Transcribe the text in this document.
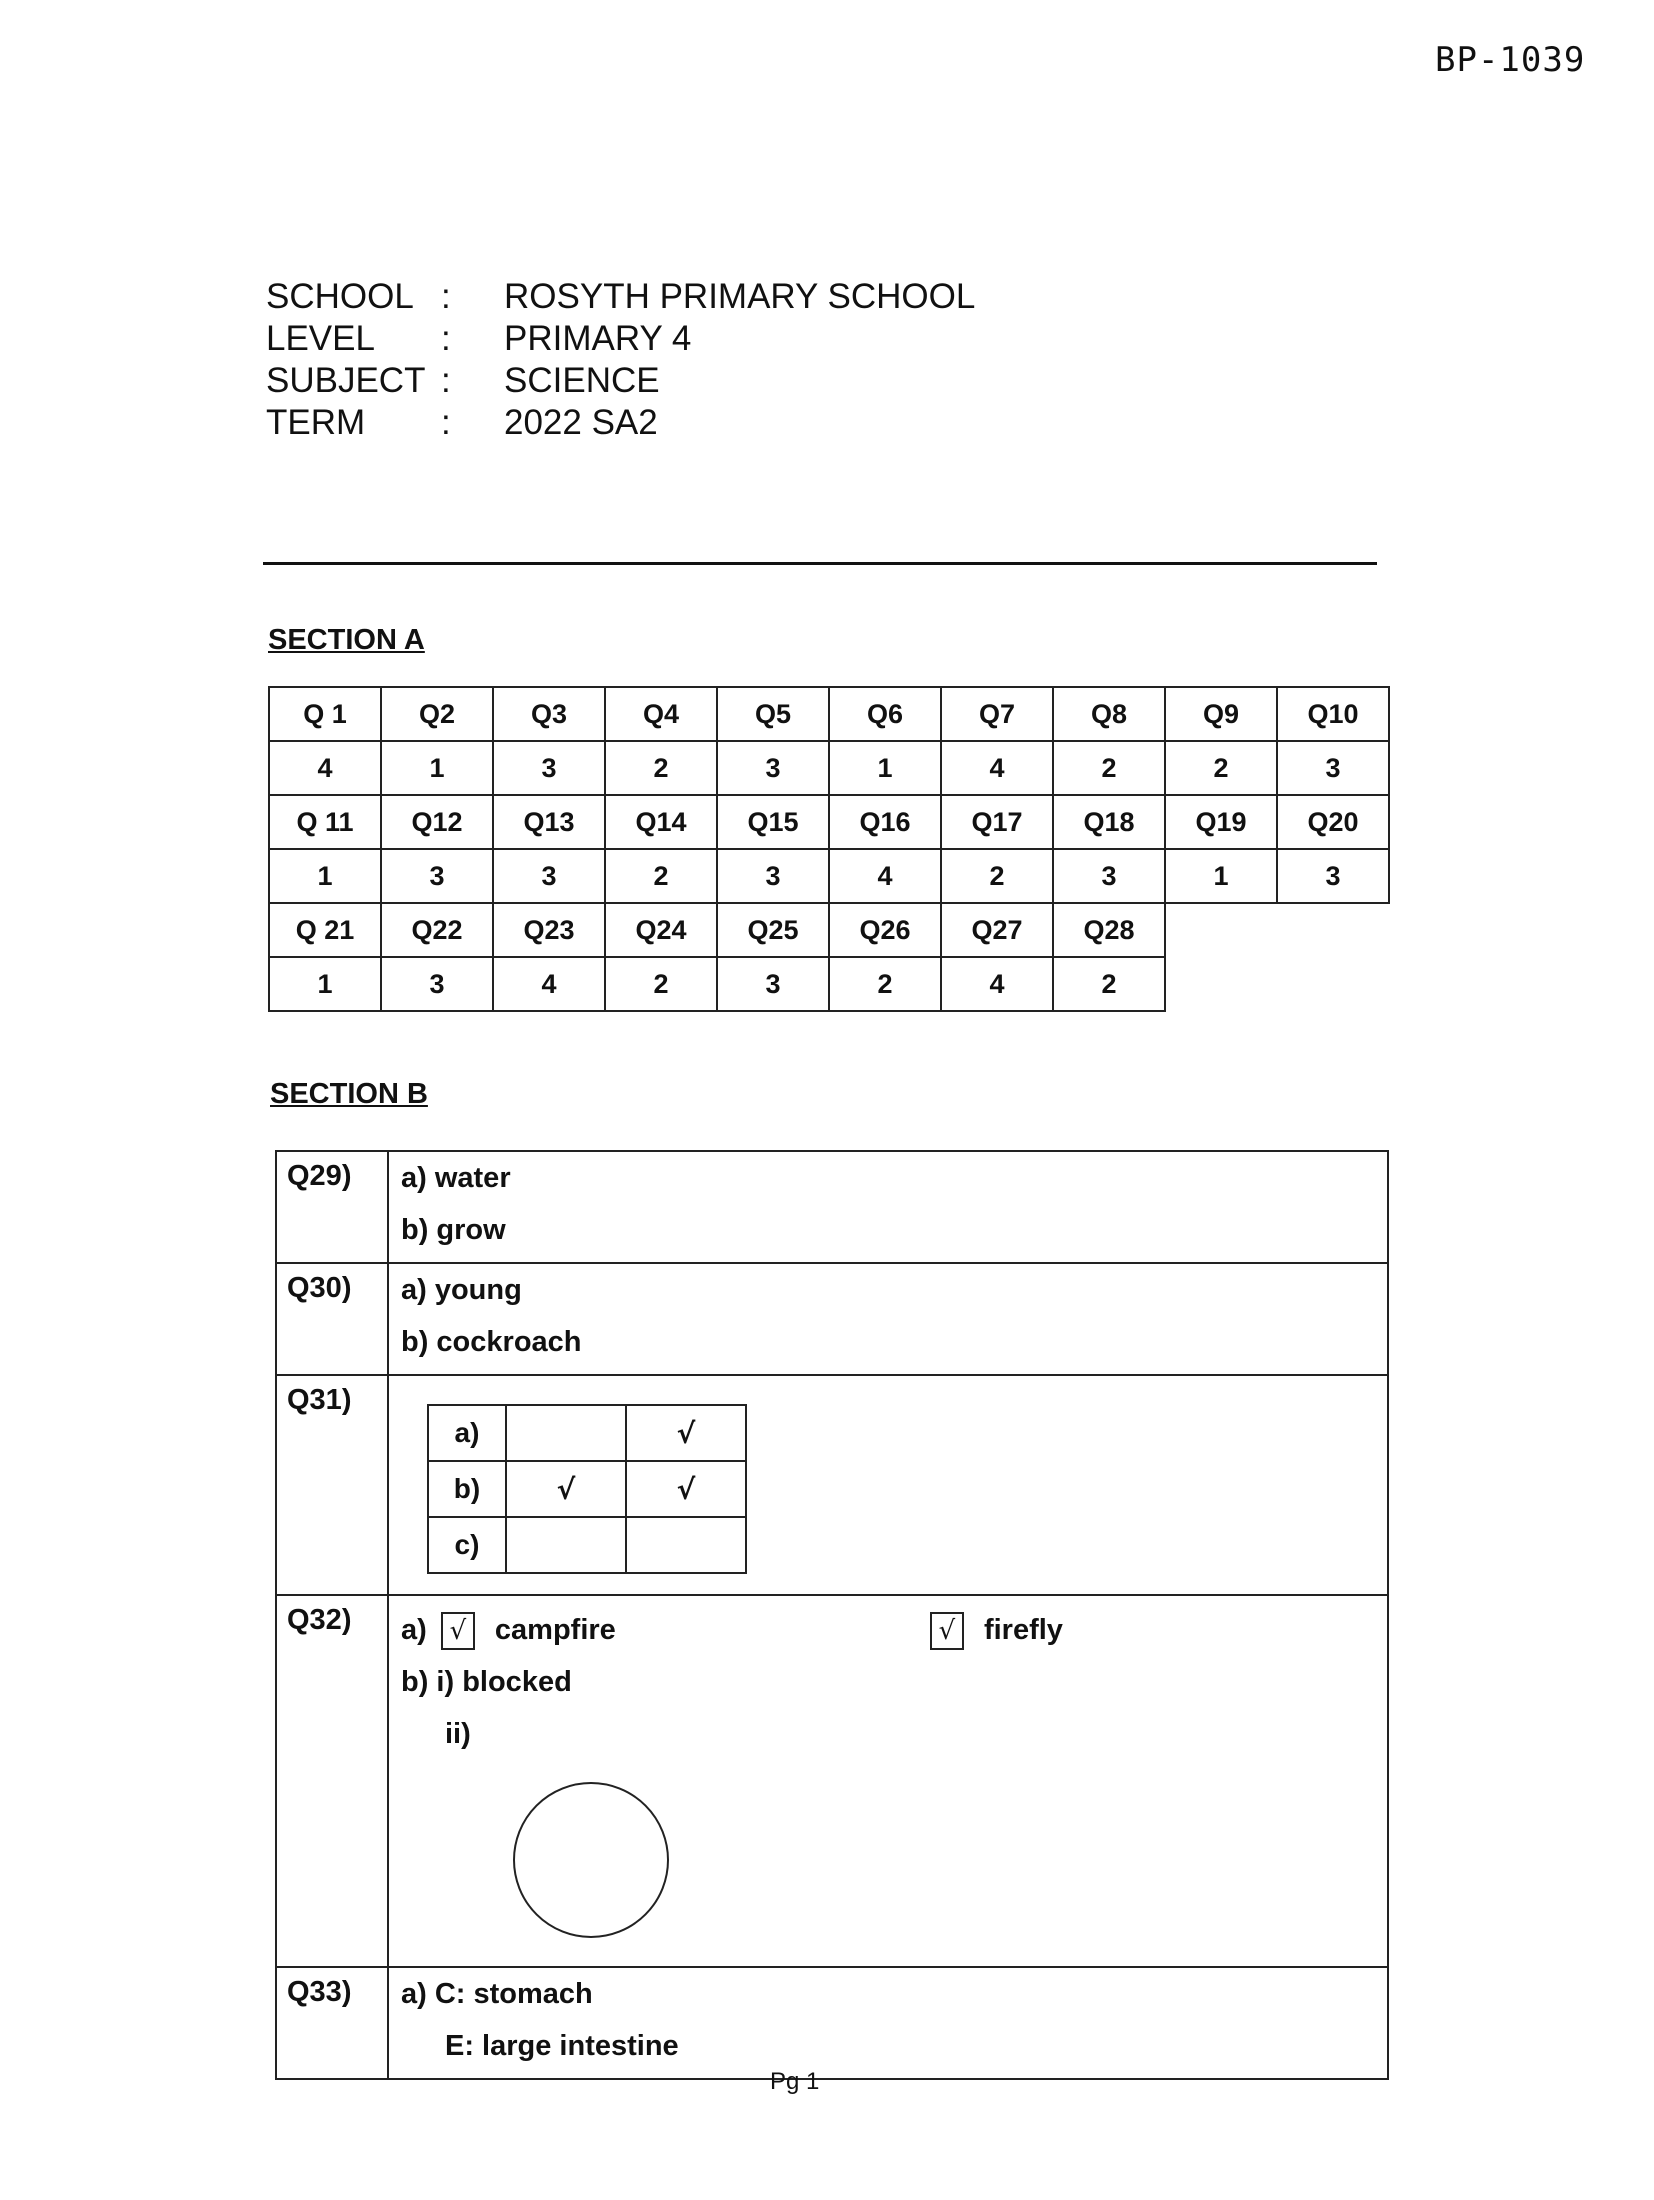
BP-1039
SCHOOL :	ROSYTH PRIMARY SCHOOL
LEVEL	:	PRIMARY 4
SUBJECT :	SCIENCE
TERM	:	2022 SA2
SECTION A
Q 1	Q2	Q3	Q4	Q5	Q6	Q7	Q8	Q9	Q10
4	1	3	2	3	1	4	2	2	3
Q 11	Q12	Q13	Q14	Q15	Q16	Q17	Q18	Q19	Q20
1	3	3	2	3	4	2	3	1	3
Q 21	Q22	Q23	Q24	Q25	Q26	Q27	Q28		
1	3	4	2	3	2	4	2		
SECTION B
Q29)	a) water
b) grow

Q30)	a) young
b) cockroach

Q31)	
a)		√
b)	√	√
c)		

Q32)	a) √ campfire	√ firefly
b) i) blocked
ii)

Q33)	a) C: stomach
E: large intestine
Pg 1
